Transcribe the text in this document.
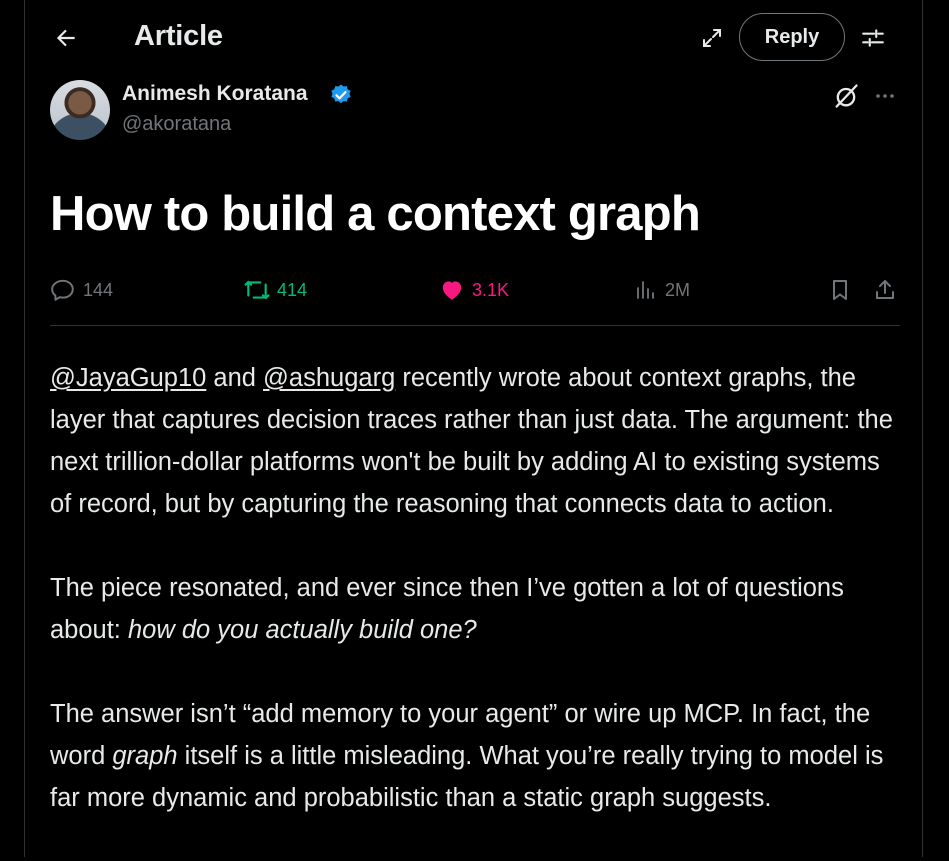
Article	Reply
Animesh Koratana
@akoratana
How to build a context graph
144	414	3.1K	2M

@JayaGup10 and @ashugarg recently wrote about context graphs, the layer that captures decision traces rather than just data. The argument: the next trillion-dollar platforms won't be built by adding AI to existing systems of record, but by capturing the reasoning that connects data to action.

The piece resonated, and ever since then I’ve gotten a lot of questions about: how do you actually build one?

The answer isn’t “add memory to your agent” or wire up MCP. In fact, the word graph itself is a little misleading. What you’re really trying to model is far more dynamic and probabilistic than a static graph suggests.
